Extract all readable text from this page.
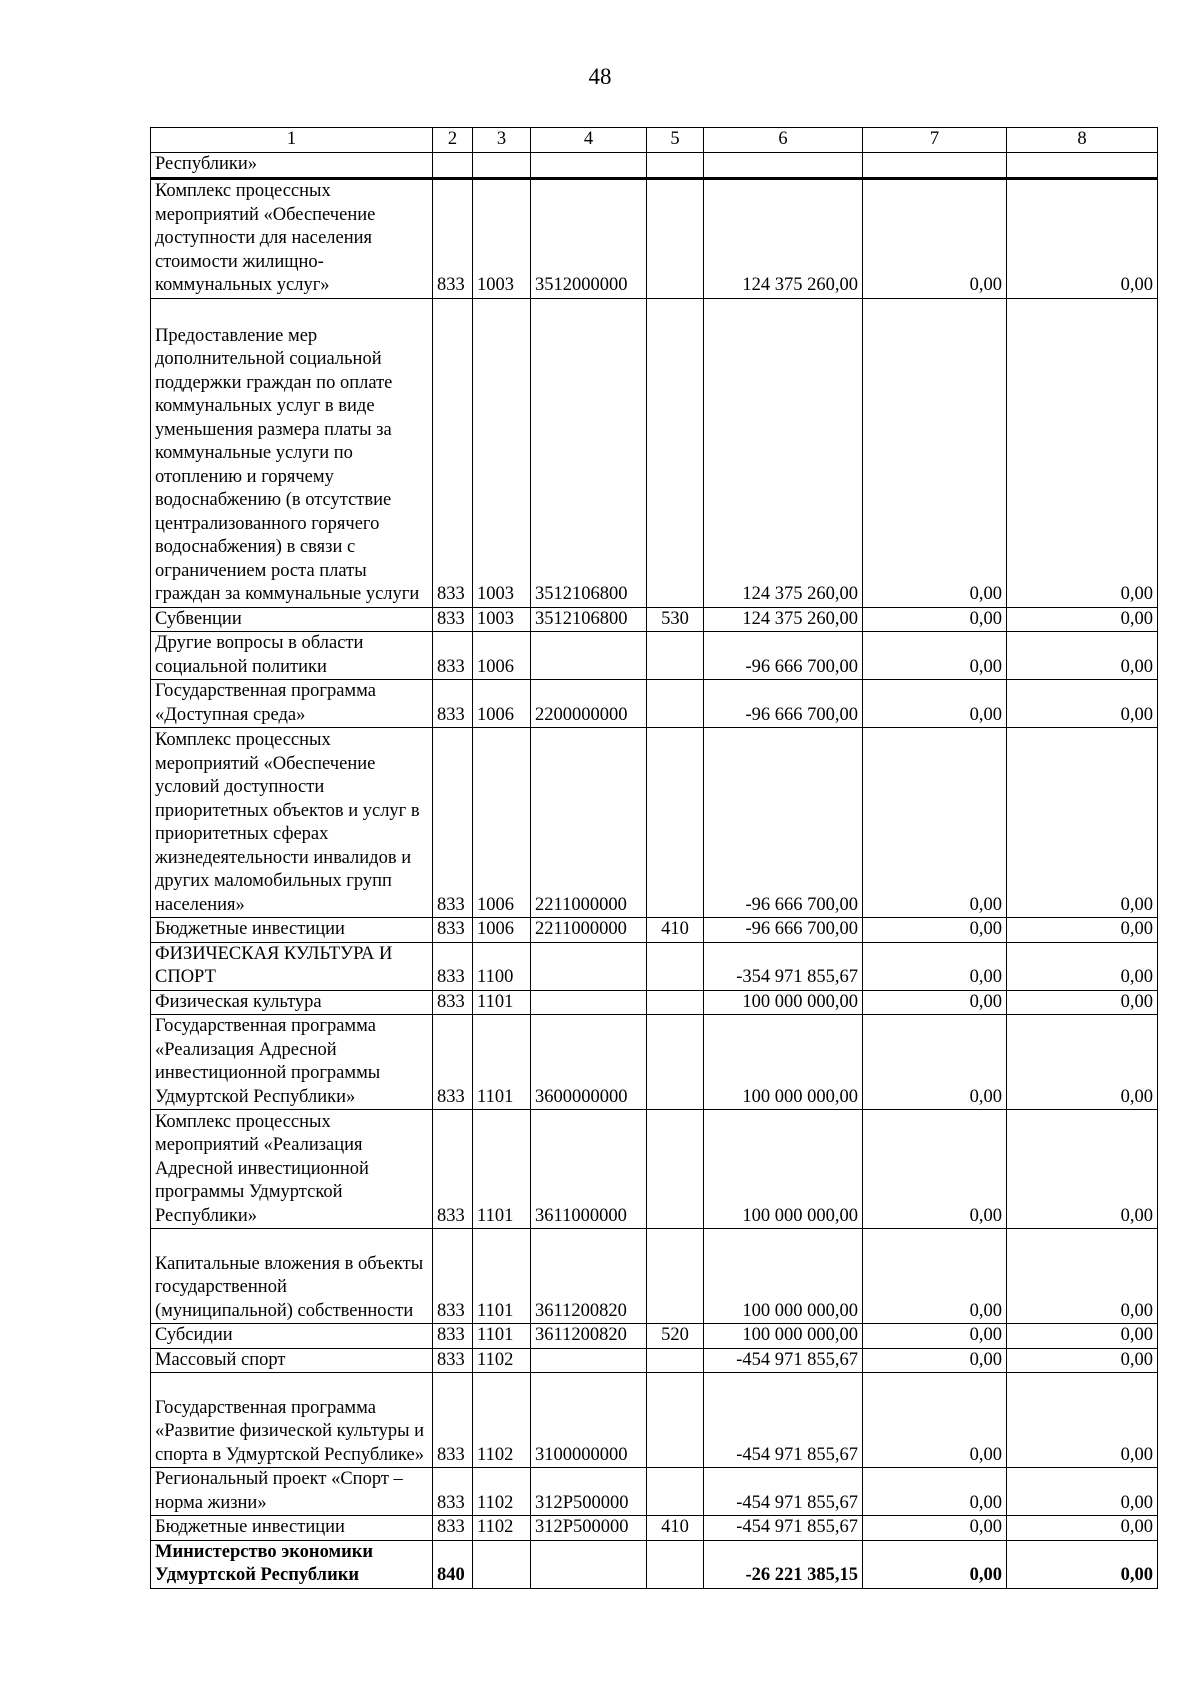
48
1	2	3	4	5	6	7	8
Республики»							
Комплекс процессных мероприятий «Обеспечение доступности для населения стоимости жилищно-коммунальных услуг»	833	1003	3512000000		124 375 260,00	0,00	0,00
Предоставление мер дополнительной социальной поддержки граждан по оплате коммунальных услуг в виде уменьшения размера платы за коммунальные услуги по отоплению и горячему водоснабжению (в отсутствие централизованного горячего водоснабжения) в связи с ограничением роста платы граждан за коммунальные услуги	833	1003	3512106800		124 375 260,00	0,00	0,00
Субвенции	833	1003	3512106800	530	124 375 260,00	0,00	0,00
Другие вопросы в области социальной политики	833	1006			-96 666 700,00	0,00	0,00
Государственная программа «Доступная среда»	833	1006	2200000000		-96 666 700,00	0,00	0,00
Комплекс процессных мероприятий «Обеспечение условий доступности приоритетных объектов и услуг в приоритетных сферах жизнедеятельности инвалидов и других маломобильных групп населения»	833	1006	2211000000		-96 666 700,00	0,00	0,00
Бюджетные инвестиции	833	1006	2211000000	410	-96 666 700,00	0,00	0,00
ФИЗИЧЕСКАЯ КУЛЬТУРА И СПОРТ	833	1100			-354 971 855,67	0,00	0,00
Физическая культура	833	1101			100 000 000,00	0,00	0,00
Государственная программа «Реализация Адресной инвестиционной программы Удмуртской Республики»	833	1101	3600000000		100 000 000,00	0,00	0,00
Комплекс процессных мероприятий «Реализация Адресной инвестиционной программы Удмуртской Республики»	833	1101	3611000000		100 000 000,00	0,00	0,00
Капитальные вложения в объекты государственной (муниципальной) собственности	833	1101	3611200820		100 000 000,00	0,00	0,00
Субсидии	833	1101	3611200820	520	100 000 000,00	0,00	0,00
Массовый спорт	833	1102			-454 971 855,67	0,00	0,00
Государственная программа «Развитие физической культуры и спорта в Удмуртской Республике»	833	1102	3100000000		-454 971 855,67	0,00	0,00
Региональный проект «Спорт – норма жизни»	833	1102	312P500000		-454 971 855,67	0,00	0,00
Бюджетные инвестиции	833	1102	312P500000	410	-454 971 855,67	0,00	0,00
Министерство экономики Удмуртской Республики	840				-26 221 385,15	0,00	0,00
